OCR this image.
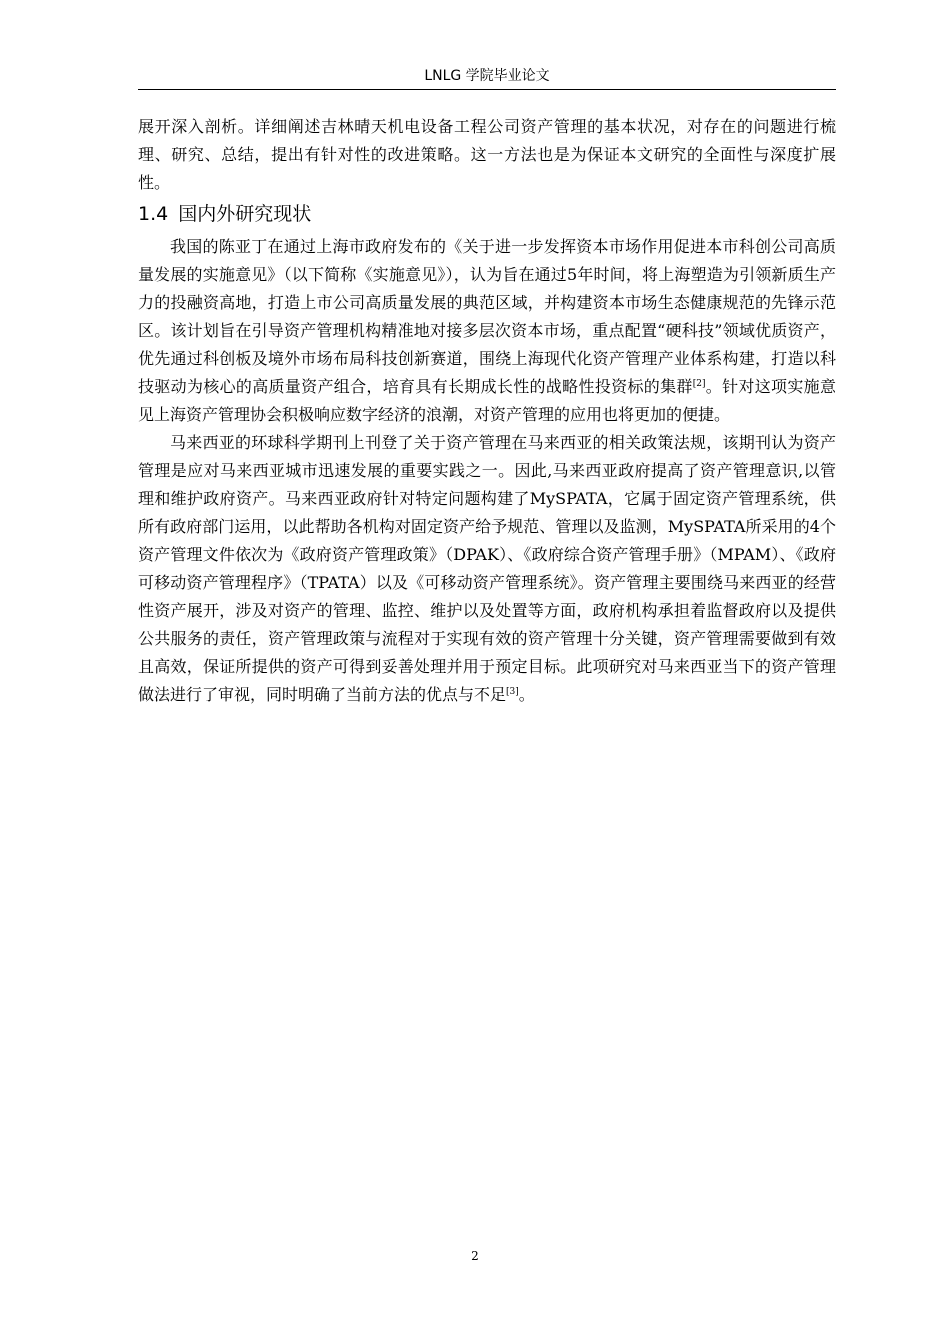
LNLG 学院毕业论文

展开深入剖析。详细阐述吉林晴天机电设备工程公司资产管理的基本状况，对存在的问题进行梳理、研究、总结，提出有针对性的改进策略。这一方法也是为保证本文研究的全面性与深度扩展性。

1.4 国内外研究现状

我国的陈亚丁在通过上海市政府发布的《关于进一步发挥资本市场作用促进本市科创公司高质量发展的实施意见》（以下简称《实施意见》），认为旨在通过5年时间，将上海塑造为引领新质生产力的投融资高地，打造上市公司高质量发展的典范区域，并构建资本市场生态健康规范的先锋示范区。该计划旨在引导资产管理机构精准地对接多层次资本市场，重点配置“硬科技”领域优质资产，优先通过科创板及境外市场布局科技创新赛道，围绕上海现代化资产管理产业体系构建，打造以科技驱动为核心的高质量资产组合，培育具有长期成长性的战略性投资标的集群[2]。针对这项实施意见上海资产管理协会积极响应数字经济的浪潮，对资产管理的应用也将更加的便捷。

马来西亚的环球科学期刊上刊登了关于资产管理在马来西亚的相关政策法规，该期刊认为资产管理是应对马来西亚城市迅速发展的重要实践之一。因此,马来西亚政府提高了资产管理意识,以管理和维护政府资产。马来西亚政府针对特定问题构建了MySPATA，它属于固定资产管理系统，供所有政府部门运用，以此帮助各机构对固定资产给予规范、管理以及监测，MySPATA所采用的4个资产管理文件依次为《政府资产管理政策》（DPAK）、《政府综合资产管理手册》（MPAM）、《政府可移动资产管理程序》（TPATA）以及《可移动资产管理系统》。资产管理主要围绕马来西亚的经营性资产展开，涉及对资产的管理、监控、维护以及处置等方面，政府机构承担着监督政府以及提供公共服务的责任，资产管理政策与流程对于实现有效的资产管理十分关键，资产管理需要做到有效且高效，保证所提供的资产可得到妥善处理并用于预定目标。此项研究对马来西亚当下的资产管理做法进行了审视，同时明确了当前方法的优点与不足[3]。

2
